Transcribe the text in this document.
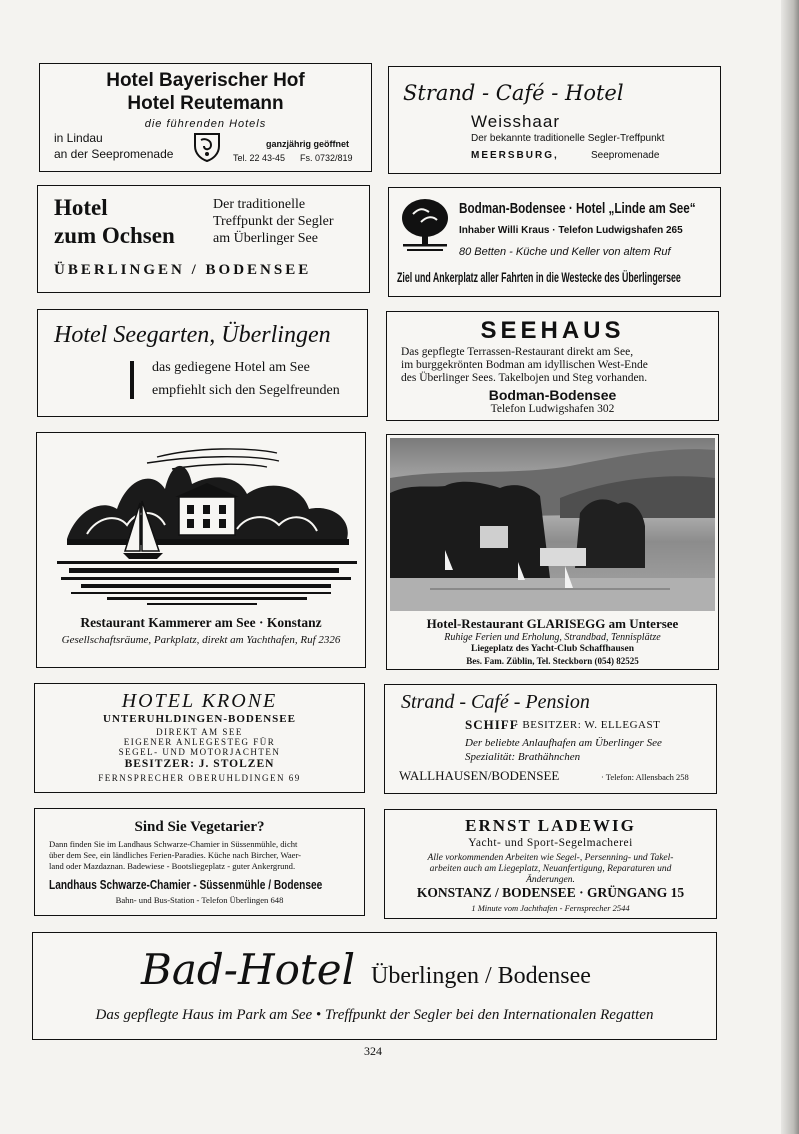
Hotel Bayerischer Hof
Hotel Reutemann
die führenden Hotels
in Lindau
an der Seepromenade
ganzjährig geöffnet
Tel. 22 43-45 Fs. 0732/819
Strand - Café - Hotel
Weisshaar
Der bekannte traditionelle Segler-Treffpunkt
MEERSBURG,	Seepromenade
Hotel
zum Ochsen
Der traditionelle
Treffpunkt der Segler
am Überlinger See
ÜBERLINGEN / BODENSEE
Bodman-Bodensee · Hotel „Linde am See“
Inhaber Willi Kraus · Telefon Ludwigshafen 265
80 Betten - Küche und Keller von altem Ruf
Ziel und Ankerplatz aller Fahrten in die Westecke des Überlingersee
Hotel Seegarten, Überlingen
das gediegene Hotel am See
empfiehlt sich den Segelfreunden
SEEHAUS
Das gepflegte Terrassen-Restaurant direkt am See,
im burggekrönten Bodman am idyllischen West-Ende
des Überlinger Sees. Takelbojen und Steg vorhanden.
Bodman-Bodensee
Telefon Ludwigshafen 302
Restaurant Kammerer am See · Konstanz
Gesellschaftsräume, Parkplatz, direkt am Yachthafen, Ruf 2326
Hotel-Restaurant GLARISEGG am Untersee
Ruhige Ferien und Erholung, Strandbad, Tennisplätze
Liegeplatz des Yacht-Club Schaffhausen
Bes. Fam. Züblin, Tel. Steckborn (054) 82525
HOTEL KRONE
UNTERUHLDINGEN-BODENSEE
DIREKT AM SEE
EIGENER ANLEGESTEG FÜR
SEGEL- UND MOTORJACHTEN
BESITZER: J. STOLZEN
FERNSPRECHER OBERUHLDINGEN 69
Strand - Café - Pension
SCHIFF
· BESITZER: W. ELLEGAST
Der beliebte Anlaufhafen am Überlinger See
Spezialität: Brathähnchen
WALLHAUSEN/BODENSEE	· Telefon: Allensbach 258
Sind Sie Vegetarier?
Dann finden Sie im Landhaus Schwarze-Chamier in Süssenmühle, dicht
über dem See, ein ländliches Ferien-Paradies. Küche nach Bircher, Waer-
land oder Mazdaznan. Badewiese - Bootsliegeplatz - guter Ankergrund.
Landhaus Schwarze-Chamier - Süssenmühle / Bodensee
Bahn- und Bus-Station - Telefon Überlingen 648
ERNST LADEWIG
Yacht- und Sport-Segelmacherei
Alle vorkommenden Arbeiten wie Segel-, Persenning- und Takel-
arbeiten auch am Liegeplatz, Neuanfertigung, Reparaturen und
Änderungen.
KONSTANZ / BODENSEE · GRÜNGANG 15
1 Minute vom Jachthafen - Fernsprecher 2544
Bad-Hotel Überlingen / Bodensee
Das gepflegte Haus im Park am See • Treffpunkt der Segler bei den Internationalen Regatten
324
